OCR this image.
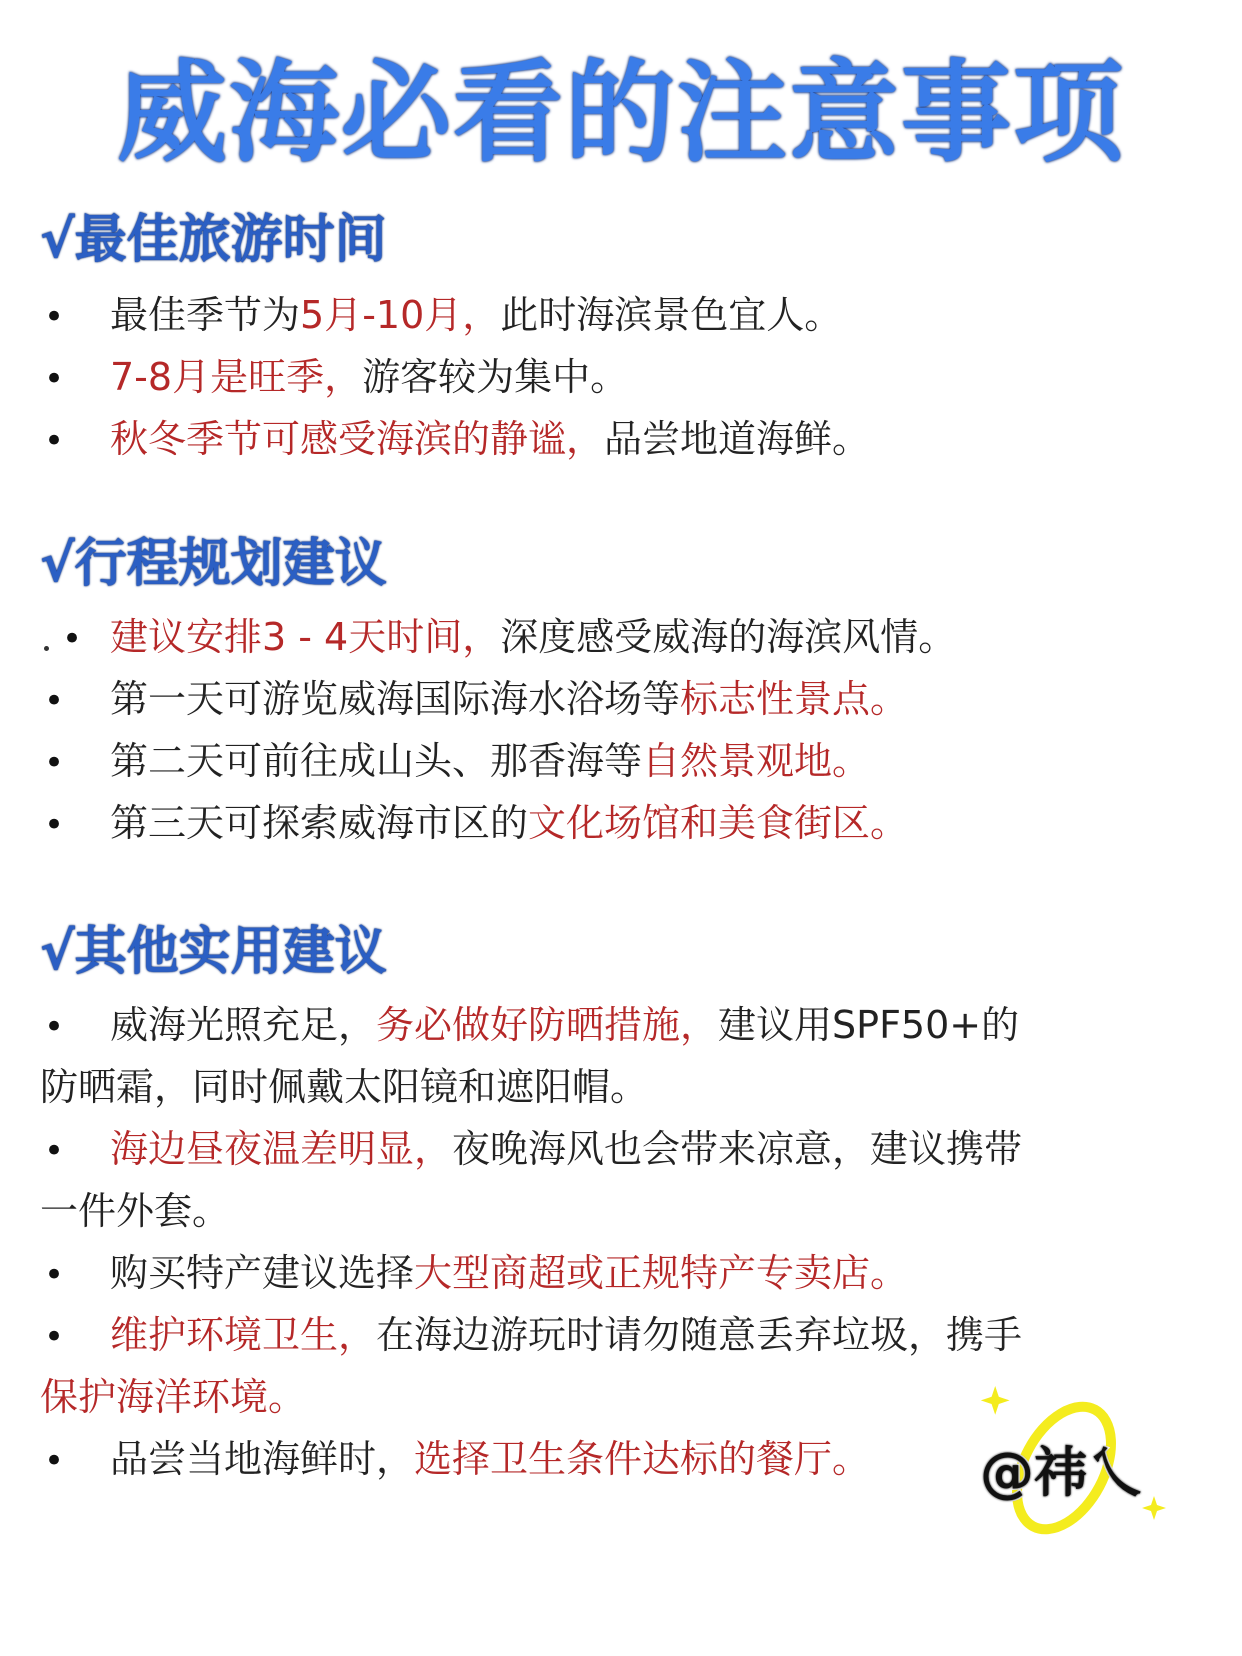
威海必看的注意事项
√最佳旅游时间
• 最佳季节为5月-10月，此时海滨景色宜人。
• 7-8月是旺季，游客较为集中。
• 秋冬季节可感受海滨的静谧，品尝地道海鲜。
√行程规划建议
• 建议安排3 - 4天时间，深度感受威海的海滨风情。
• 第一天可游览威海国际海水浴场等标志性景点。
• 第二天可前往成山头、那香海等自然景观地。
• 第三天可探索威海市区的文化场馆和美食街区。
√其他实用建议
• 威海光照充足，务必做好防晒措施，建议用SPF50+的
防晒霜，同时佩戴太阳镜和遮阳帽。
• 海边昼夜温差明显，夜晚海风也会带来凉意，建议携带
一件外套。
• 购买特产建议选择大型商超或正规特产专卖店。
• 维护环境卫生，在海边游玩时请勿随意丢弃垃圾，携手
保护海洋环境。
• 品尝当地海鲜时，选择卫生条件达标的餐厅。	@祎乀
